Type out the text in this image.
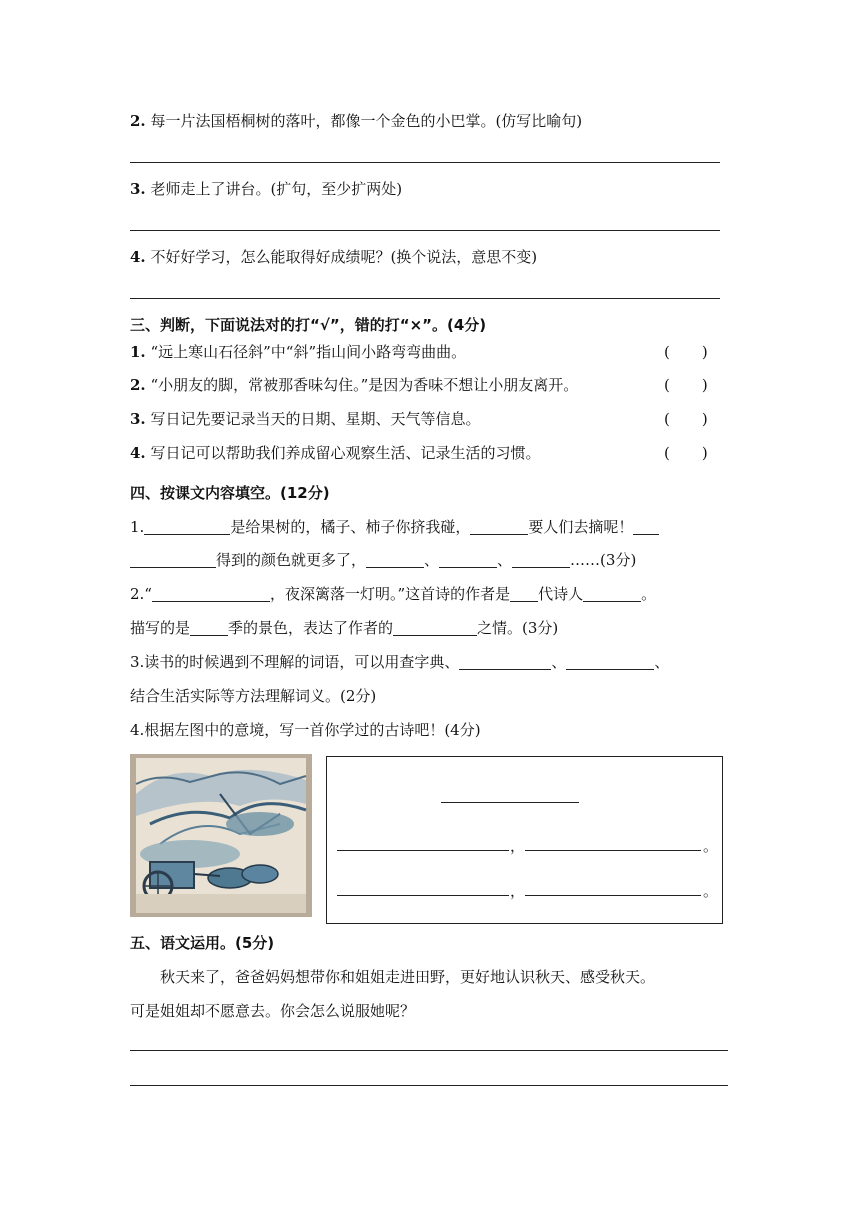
2. 每一片法国梧桐树的落叶，都像一个金色的小巴掌。(仿写比喻句)
3. 老师走上了讲台。(扩句，至少扩两处)
4. 不好好学习，怎么能取得好成绩呢？(换个说法，意思不变)
三、判断，下面说法对的打“√”，错的打“×”。(4分)
1. “远上寒山石径斜”中“斜”指山间小路弯弯曲曲。	( )
2. “小朋友的脚，常被那香味勾住。”是因为香味不想让小朋友离开。	( )
3. 写日记先要记录当天的日期、星期、天气等信息。	( )
4. 写日记可以帮助我们养成留心观察生活、记录生活的习惯。	( )
四、按课文内容填空。(12分)
1.	是给果树的，橘子、柿子你挤我碰，	要人们去摘呢！
得到的颜色就更多了，	、	、	……(3分)
2.“	，夜深篱落一灯明。”这首诗的作者是 代诗人	。
描写的是	季的景色，表达了作者的	之情。(3分)
3.读书的时候遇到不理解的词语，可以用查字典、	、	、
结合生活实际等方法理解词义。(2分)
4.根据左图中的意境，写一首你学过的古诗吧！(4分)
，	。
，	。
五、语文运用。(5分)
秋天来了，爸爸妈妈想带你和姐姐走进田野，更好地认识秋天、感受秋天。
可是姐姐却不愿意去。你会怎么说服她呢？
